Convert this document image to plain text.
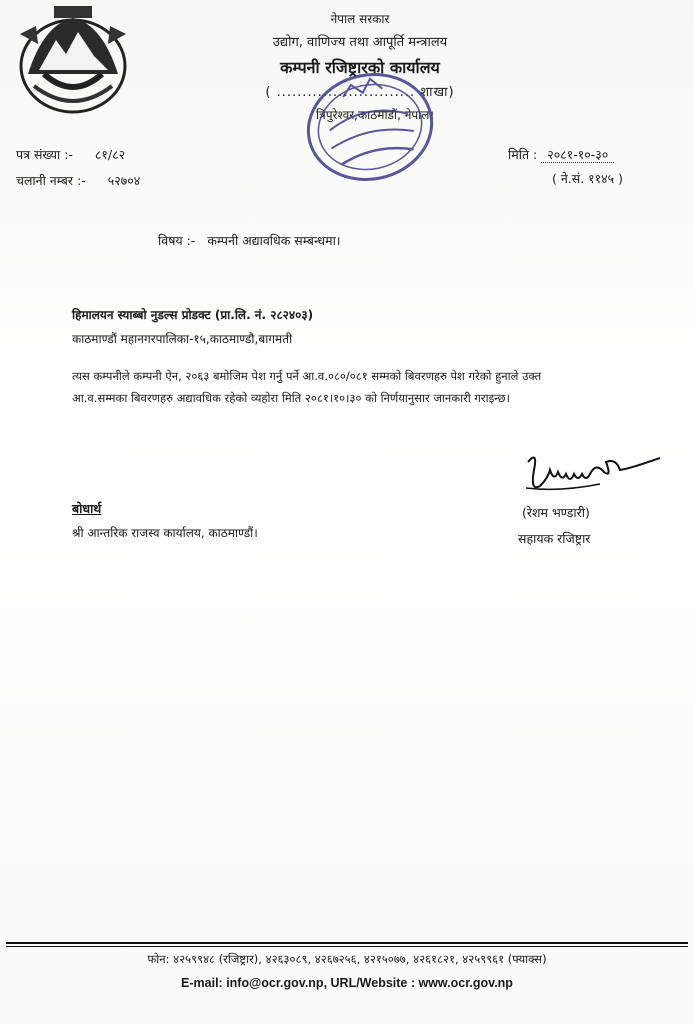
नेपाल सरकार
उद्योग, वाणिज्य तथा आपूर्ति मन्त्रालय
कम्पनी रजिष्ट्रारको कार्यालय
( ........................... शाखा)
त्रिपुरेश्वर,काठमाडौं, नेपाल।
पत्र संख्या :- ८१/८२
चलानी नम्बर :- ५२७०४
मिति : २०८१-१०-३०
( ने.सं. ११४५ )
विषय :- कम्पनी अद्यावधिक सम्बन्धमा।
हिमालयन स्याब्बो नुडल्स प्रोडक्ट (प्रा.लि. नं. २८२४०३)
काठमाण्डौं महानगरपालिका-१५,काठमाण्डौ,बागमती
त्यस कम्पनीले कम्पनी ऐन, २०६३ बमोजिम पेश गर्नु पर्ने आ.व.०८०/०८१ सम्मको बिवरणहरु पेश गरेको हुनाले उक्त
आ.व.सम्मका बिवरणहरु अद्यावधिक रहेको व्यहोरा मिति २०८१।१०।३० को निर्णयानुसार जानकारी गराइन्छ।
(रेशम भण्डारी)
सहायक रजिष्ट्रार
बोधार्थ
श्री आन्तरिक राजस्व कार्यालय, काठमाण्डौं।
फोन: ४२५९९४८ (रजिष्ट्रार), ४२६३०८९, ४२६७२५६, ४२१५०७७, ४२६१८२१, ४२५९९६१ (फ्याक्स)
E-mail: info@ocr.gov.np, URL/Website : www.ocr.gov.np
